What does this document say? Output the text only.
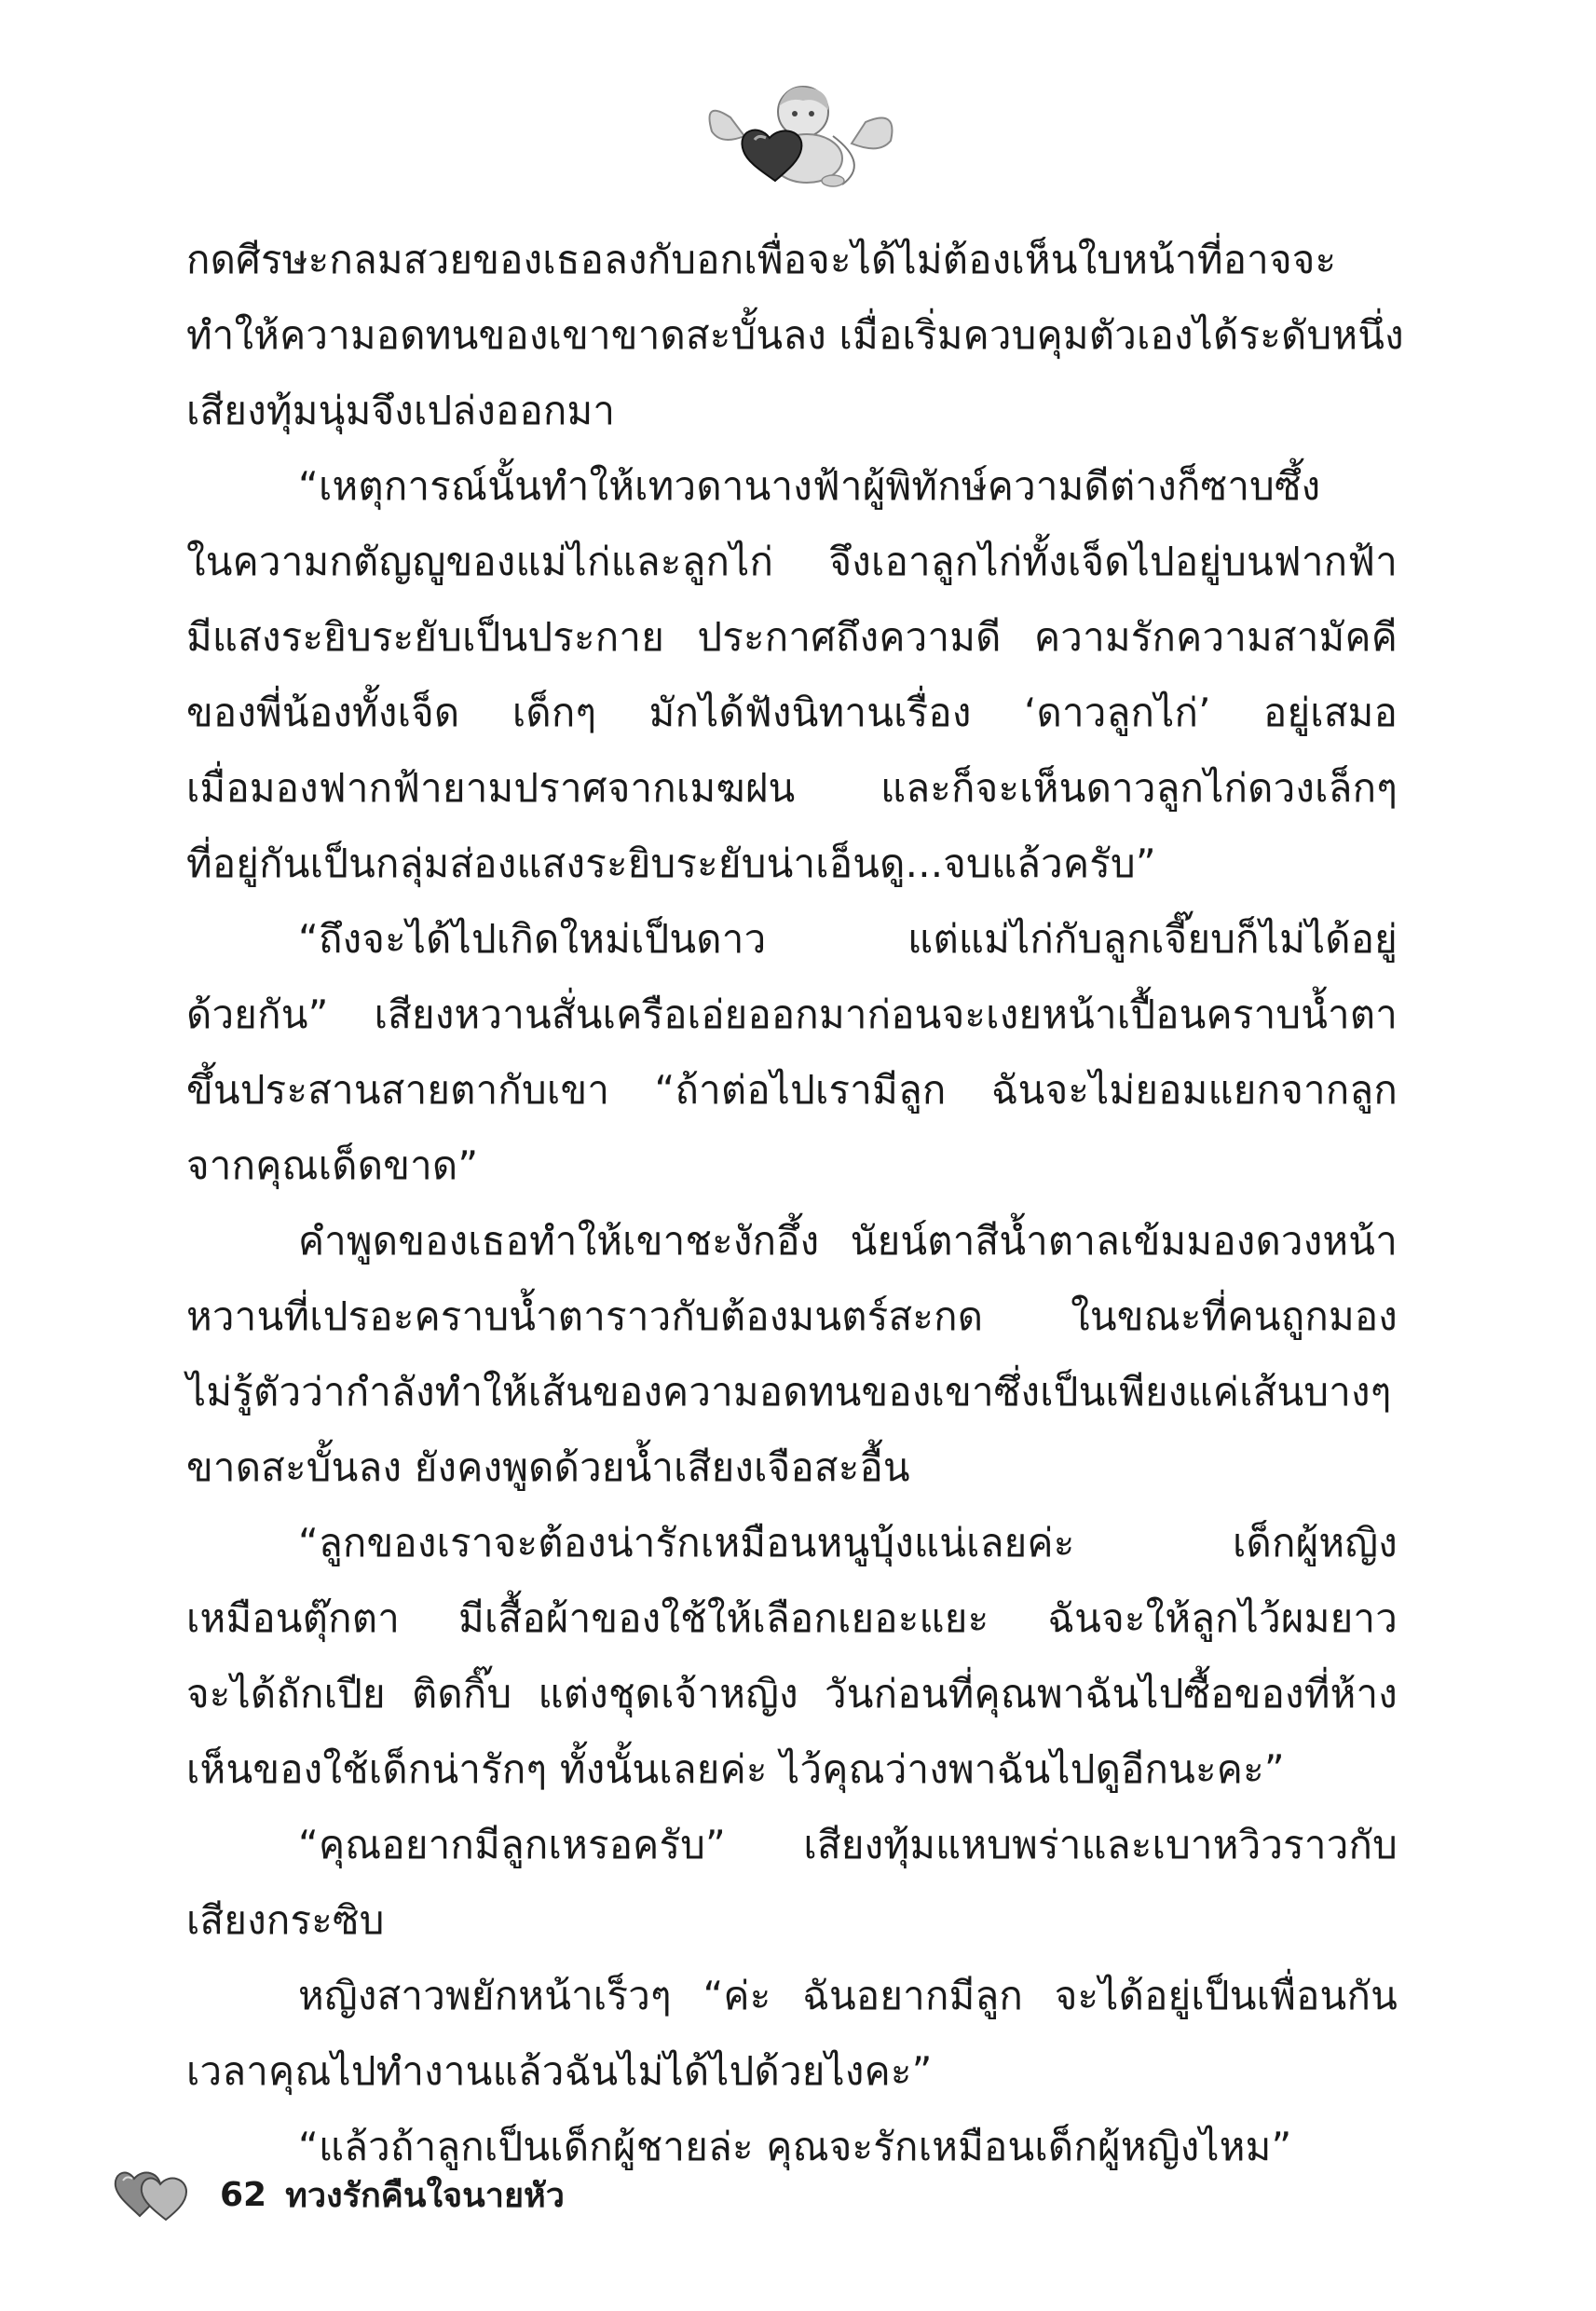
กดศีรษะกลมสวยของเธอลงกับอกเพื่อจะได้ไม่ต้องเห็นใบหน้าที่อาจจะ
ทำให้ความอดทนของเขาขาดสะบั้นลง เมื่อเริ่มควบคุมตัวเองได้ระดับหนึ่ง
เสียงทุ้มนุ่มจึงเปล่งออกมา
“เหตุการณ์นั้นทำให้เทวดานางฟ้าผู้พิทักษ์ความดีต่างก็ซาบซึ้ง
ในความกตัญญูของแม่ไก่และลูกไก่ จึงเอาลูกไก่ทั้งเจ็ดไปอยู่บนฟากฟ้า
มีแสงระยิบระยับเป็นประกาย ประกาศถึงความดี ความรักความสามัคคี
ของพี่น้องทั้งเจ็ด เด็กๆ มักได้ฟังนิทานเรื่อง ‘ดาวลูกไก่’ อยู่เสมอ
เมื่อมองฟากฟ้ายามปราศจากเมฆฝน และก็จะเห็นดาวลูกไก่ดวงเล็กๆ
ที่อยู่กันเป็นกลุ่มส่องแสงระยิบระยับน่าเอ็นดู...จบแล้วครับ”
“ถึงจะได้ไปเกิดใหม่เป็นดาว แต่แม่ไก่กับลูกเจี๊ยบก็ไม่ได้อยู่
ด้วยกัน” เสียงหวานสั่นเครือเอ่ยออกมาก่อนจะเงยหน้าเปื้อนคราบน้ำตา
ขึ้นประสานสายตากับเขา “ถ้าต่อไปเรามีลูก ฉันจะไม่ยอมแยกจากลูก
จากคุณเด็ดขาด”
คำพูดของเธอทำให้เขาชะงักอึ้ง นัยน์ตาสีน้ำตาลเข้มมองดวงหน้า
หวานที่เปรอะคราบน้ำตาราวกับต้องมนตร์สะกด ในขณะที่คนถูกมอง
ไม่รู้ตัวว่ากำลังทำให้เส้นของความอดทนของเขาซึ่งเป็นเพียงแค่เส้นบางๆ
ขาดสะบั้นลง ยังคงพูดด้วยน้ำเสียงเจือสะอื้น
“ลูกของเราจะต้องน่ารักเหมือนหนูบุ้งแน่เลยค่ะ เด็กผู้หญิง
เหมือนตุ๊กตา มีเสื้อผ้าของใช้ให้เลือกเยอะแยะ ฉันจะให้ลูกไว้ผมยาว
จะได้ถักเปีย ติดกิ๊บ แต่งชุดเจ้าหญิง วันก่อนที่คุณพาฉันไปซื้อของที่ห้าง
เห็นของใช้เด็กน่ารักๆ ทั้งนั้นเลยค่ะ ไว้คุณว่างพาฉันไปดูอีกนะคะ”
“คุณอยากมีลูกเหรอครับ” เสียงทุ้มแหบพร่าและเบาหวิวราวกับ
เสียงกระซิบ
หญิงสาวพยักหน้าเร็วๆ “ค่ะ ฉันอยากมีลูก จะได้อยู่เป็นเพื่อนกัน
เวลาคุณไปทำงานแล้วฉันไม่ได้ไปด้วยไงคะ”
“แล้วถ้าลูกเป็นเด็กผู้ชายล่ะ คุณจะรักเหมือนเด็กผู้หญิงไหม”
62 ทวงรักคืนใจนายหัว
